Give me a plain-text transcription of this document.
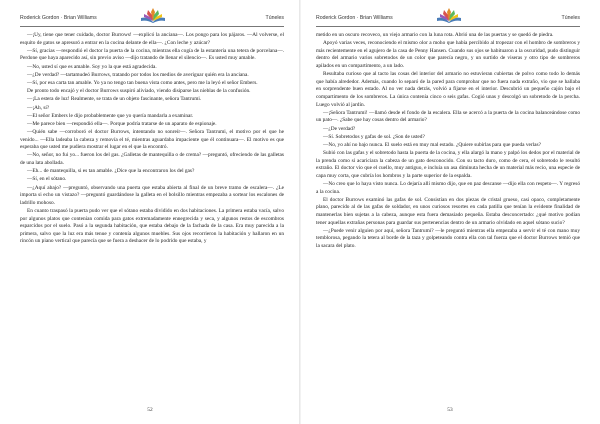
Roderick Gordon · Brian Williams	Túneles

—¡Uy, tiene que tener cuidado, doctor Burrows! —explicó la anciana—. Los pongo para los pájaros. —Al volverse, el esquito de gatos se apresuró a entrar en la cocina delante de ella—. ¿Con leche y azúcar?

—Sí, gracias —respondió el doctor la puerta de la cocina, mientras ella cogía de la estantería una tetera de porcelana—. Perdone que haya aparecido así, sin previo aviso —dijo tratando de llenar el silencio—. Es usted muy amable.

—No, usted sí que es amable. Soy yo la que está agradecida.

—¿De verdad? —tartamudeó Burrows, tratando por todos los medios de averiguar quién era la anciana.

—Sí, por esa carta tan amable. Yo ya no tengo tan buena vista como antes, pero me la leyó el señor Embers.

De pronto todo encajó y el doctor Burrows suspiró aliviado, viendo disiparse las nieblas de la confusión.

—¡La estera de luz! Realmente, se trata de un objeto fascinante, señora Tantrumi.

—¡Ah, sí?

—El señor Embers le dijo probablemente que yo quería mandarla a examinar.

—Me parece bien —respondió ella—. Porque podría tratarse de un aparato de espionaje.

—Quién sabe —corroboró el doctor Burrows, intentando no sonreír—. Señora Tantrumi, el motivo por el que he venido... —Ella ladeaba la cabeza y removía el té, mientras aguardaba impaciente que él continuara—. El motivo es que esperaba que usted me pudiera mostrar el lugar en el que la encontró.

—No, señor, no fui yo... fueron los del gas. ¿Galletas de mantequilla o de crema? —preguntó, ofreciendo de las galletas de una lata abollada.

—Eh... de mantequilla, si es tan amable. ¿Dice que la encontraron los del gas?

—Sí, en el sótano.

—¿Aquí abajo? —preguntó, observando una puerta que estaba abierta al final de un breve tramo de escalera—. ¿Le importa si echo un vistazo? —preguntó guardándose la galleta en el bolsillo mientras empezaba a sortear los escalones de ladrillo mohoso.

En cuanto traspasó la puerta pudo ver que el sótano estaba dividido en dos habitaciones. La primera estaba vacía, salvo por algunos platos que contenían comida para gatos extremadamente ennegrecida y seca, y algunos restos de escombros esparcidos por el suelo. Pasó a la segunda habitación, que estaba debajo de la fachada de la casa. Era muy parecida a la primera, salvo que la luz era más tenue y contenía algunos muebles. Sus ojos recorrieron la habitación y hallaron en un rincón un piano vertical que parecía que se fuera a deshacer de lo podrido que estaba, y

52
Roderick Gordon · Brian Williams	Túneles

metido en un oscuro recoveco, un viejo armario con la luna rota. Abrió una de las puertas y se quedó de piedra.

Apoyó varias veces, reconociendo el mismo olor a moho que había percibido al tropezar con el hombro de sombreros y más recientemente en el agujero de la casa de Penny Hansen. Cuando sus ojos se habituaron a la oscuridad, pudo distinguir dentro del armario varios sobretodos de un color que parecía negro, y un surtido de viseras y otro tipo de sombreros apilados en un compartimento, a un lado.

Resultaba curioso que al tacto las cosas del interior del armario no estuvieran cubiertas de polvo como todo lo demás que había alrededor. Además, cuando lo separó de la pared para comprobar que no fuera nada extraño, vio que se hallaba en sorprendente buen estado. Al no ver nada detrás, volvió a fijarse en el interior. Descubrió un pequeño cajón bajo el compartimento de los sombreros. La única contenía cinco o seis gafas. Cogió unas y descolgó un sobretodo de la percha. Luego volvió al jardín.

—¡Señora Tantrumi! —llamó desde el fondo de la escalera. Ella se acercó a la puerta de la cocina balanceándose como un pato—. ¿Sabe que hay cosas dentro del armario?

—¿De verdad?

—Sí. Sobretodos y gafas de sol. ¿Son de usted?

—No, yo ahí no bajo nunca. El suelo está en muy mal estado. ¿Quiere subírlas para que pueda verlas?

Subió con las gafas y el sobretodo hasta la puerta de la cocina, y ella alargó la mano y palpó los dedos por el material de la prenda como si acariciara la cabeza de un gato desconocido. Con su tacto duro, como de cera, el sobretodo le resultó extraño. El doctor vio que el cuello, muy antiguo, e incluía un asa diminuta hecha de un material más recio, una especie de capa muy corta, que cubría los hombros y la parte superior de la espalda.

—No creo que lo haya visto nunca. Lo dejaría allí mismo dijo, que en paz descanse —dijo ella con respeto—. Y regresó a la cocina.

El doctor Burrows examinó las gafas de sol. Consistían en dos piezas de cristal grueso, casi opaco, completamente plano, parecido al de las gafas de soldador, en unos curiosos resortes en cada patilla que tenían la evidente finalidad de mantenerlas bien sujetas a la cabeza, aunque esta fuera demasiado pequeña. Estaba desconcertado: ¿qué motivo podían tener aquellas extrañas personas para guardar sus pertenencias dentro de un armario olvidado en aquel sótano sucio?

—¿Puede venir alguien por aquí, señora Tantrumi? —le preguntó mientras ella empezaba a servir el té con mano muy temblorosa, pegando la tetera al borde de la taza y golpeteando contra ella con tal fuerza que el doctor Burrows temió que la sacara del plato.

53
